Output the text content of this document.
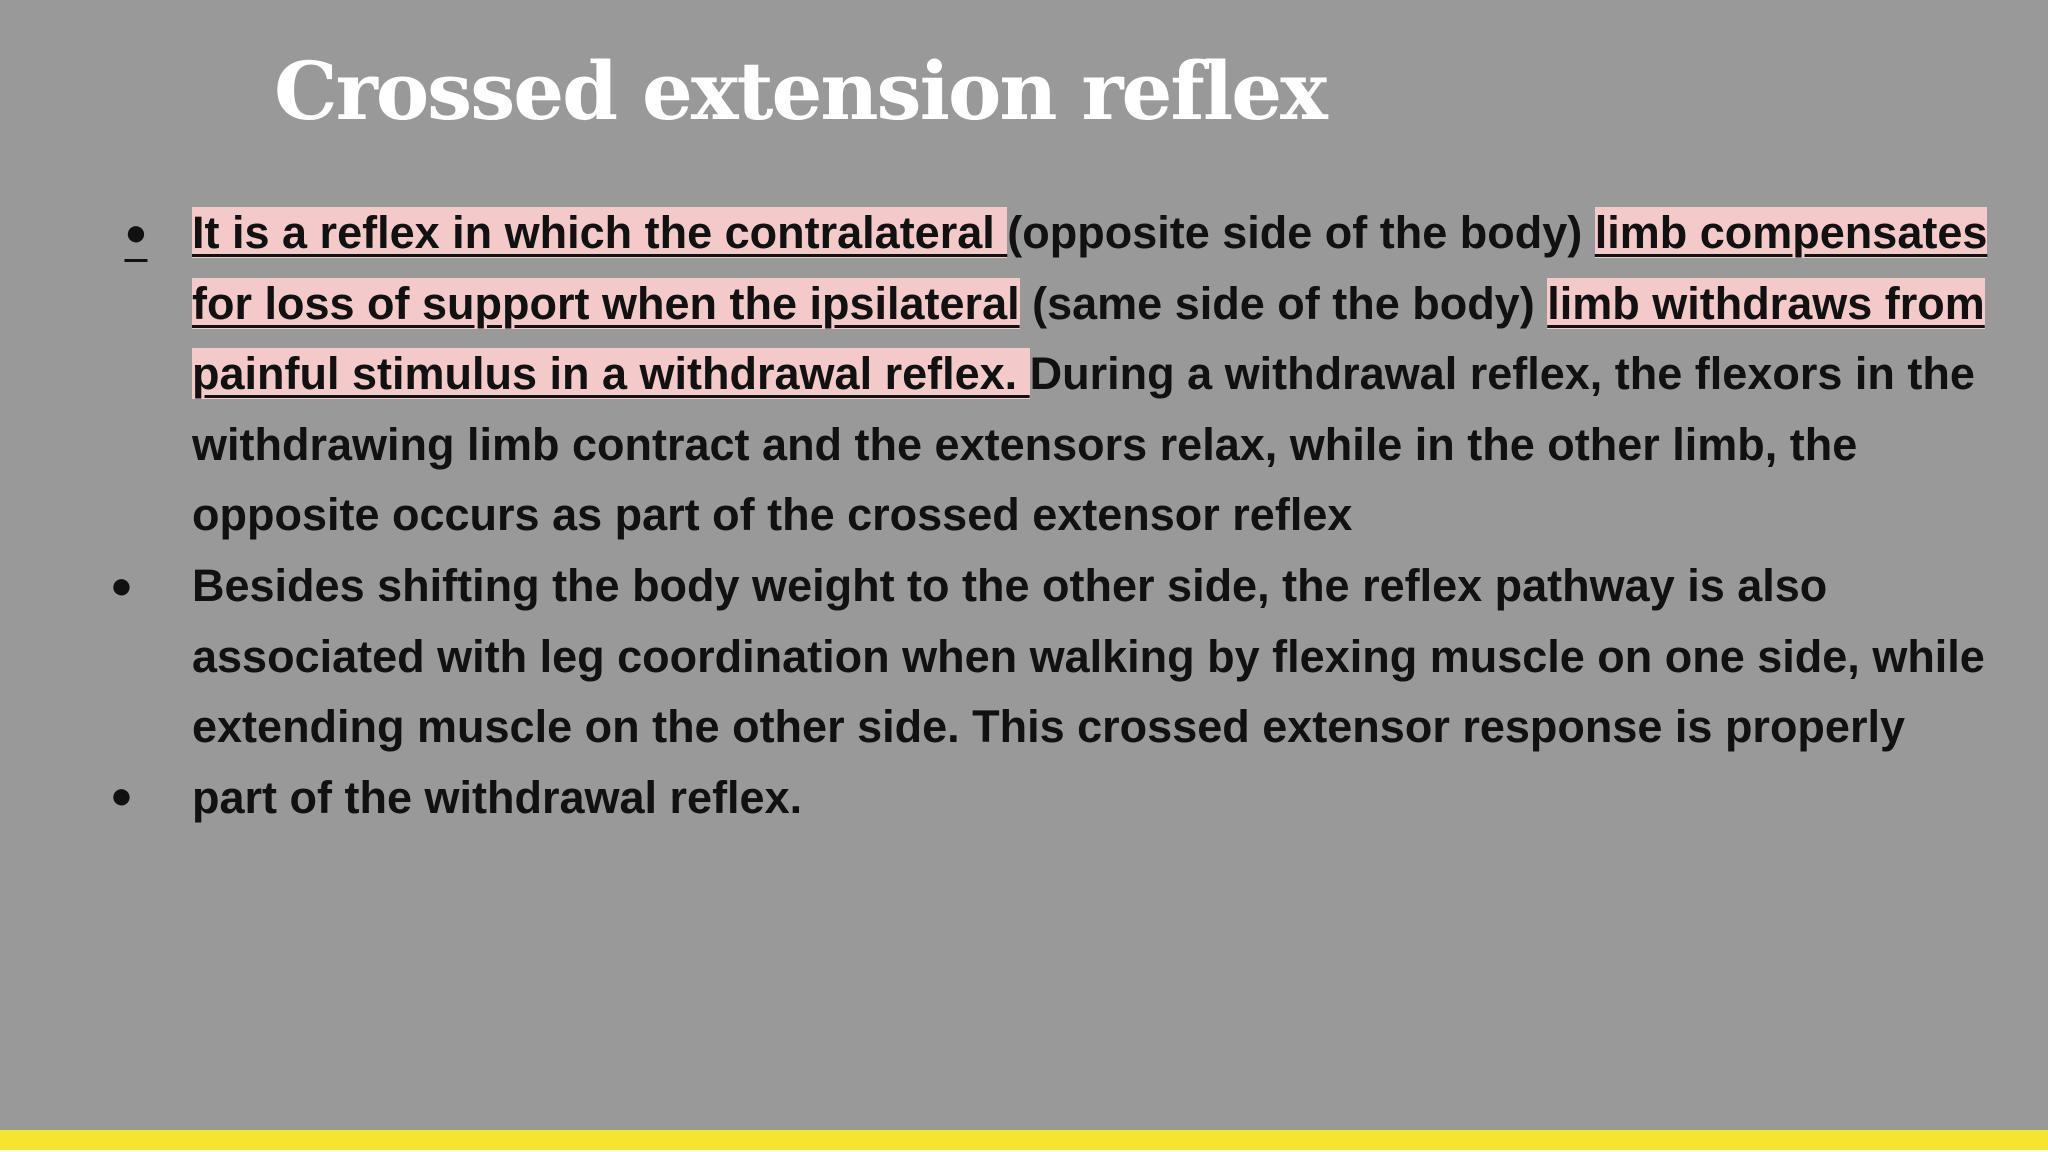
Crossed extension reflex

● It is a reflex in which the contralateral (opposite side of the body) limb compensates for loss of support when the ipsilateral (same side of the body) limb withdraws from painful stimulus in a withdrawal reflex. During a withdrawal reflex, the flexors in the withdrawing limb contract and the extensors relax, while in the other limb, the opposite occurs as part of the crossed extensor reflex

● Besides shifting the body weight to the other side, the reflex pathway is also associated with leg coordination when walking by flexing muscle on one side, while extending muscle on the other side. This crossed extensor response is properly part of the withdrawal reflex.

●
